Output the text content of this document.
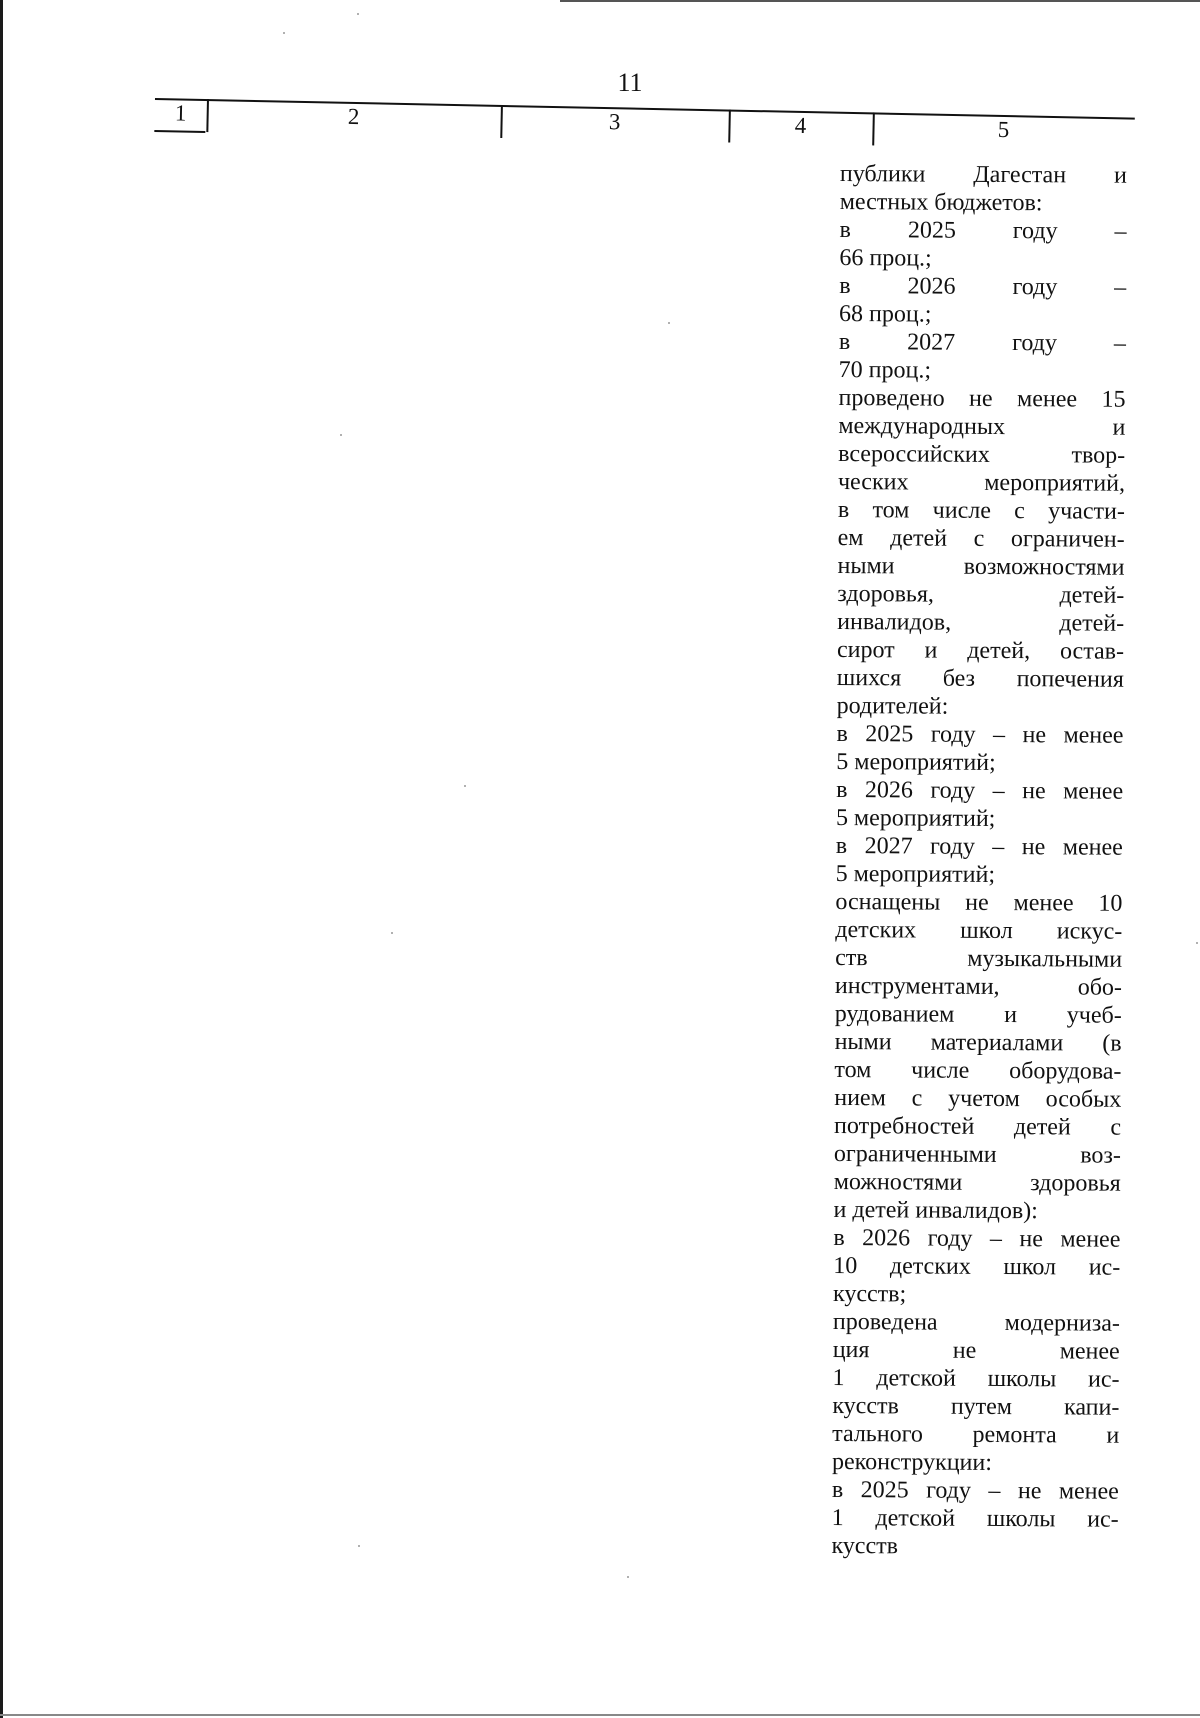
11
1	2	3	4	5
публики Дагестан и
местных бюджетов:
в 2025 году –
66 проц.;
в 2026 году –
68 проц.;
в 2027 году –
70 проц.;
проведено не менее 15
международных и
всероссийских твор-
ческих мероприятий,
в том числе с участи-
ем детей с ограничен-
ными возможностями
здоровья, детей-
инвалидов, детей-
сирот и детей, остав-
шихся без попечения
родителей:
в 2025 году – не менее
5 мероприятий;
в 2026 году – не менее
5 мероприятий;
в 2027 году – не менее
5 мероприятий;
оснащены не менее 10
детских школ искус-
ств музыкальными
инструментами, обо-
рудованием и учеб-
ными материалами (в
том числе оборудова-
нием с учетом особых
потребностей детей с
ограниченными воз-
можностями здоровья
и детей инвалидов):
в 2026 году – не менее
10 детских школ ис-
кусств;
проведена модерниза-
ция не менее
1 детской школы ис-
кусств путем капи-
тального ремонта и
реконструкции:
в 2025 году – не менее
1 детской школы ис-
кусств
